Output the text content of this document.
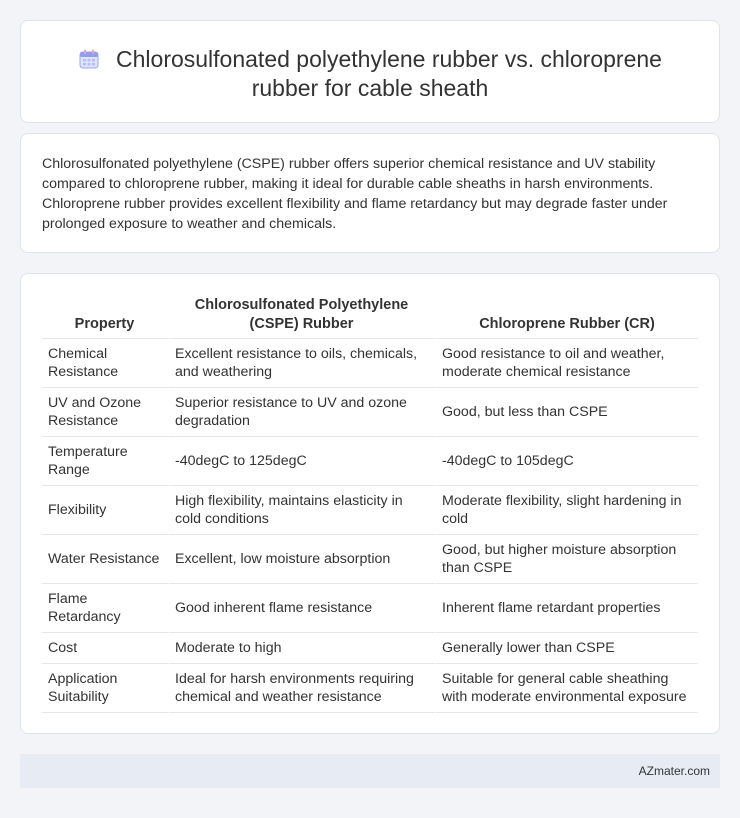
Chlorosulfonated polyethylene rubber vs. chloroprene rubber for cable sheath

Chlorosulfonated polyethylene (CSPE) rubber offers superior chemical resistance and UV stability compared to chloroprene rubber, making it ideal for durable cable sheaths in harsh environments. Chloroprene rubber provides excellent flexibility and flame retardancy but may degrade faster under prolonged exposure to weather and chemicals.

Property	Chlorosulfonated Polyethylene (CSPE) Rubber	Chloroprene Rubber (CR)
Chemical Resistance	Excellent resistance to oils, chemicals, and weathering	Good resistance to oil and weather, moderate chemical resistance
UV and Ozone Resistance	Superior resistance to UV and ozone degradation	Good, but less than CSPE
Temperature Range	-40degC to 125degC	-40degC to 105degC
Flexibility	High flexibility, maintains elasticity in cold conditions	Moderate flexibility, slight hardening in cold
Water Resistance	Excellent, low moisture absorption	Good, but higher moisture absorption than CSPE
Flame Retardancy	Good inherent flame resistance	Inherent flame retardant properties
Cost	Moderate to high	Generally lower than CSPE
Application Suitability	Ideal for harsh environments requiring chemical and weather resistance	Suitable for general cable sheathing with moderate environmental exposure
AZmater.com
